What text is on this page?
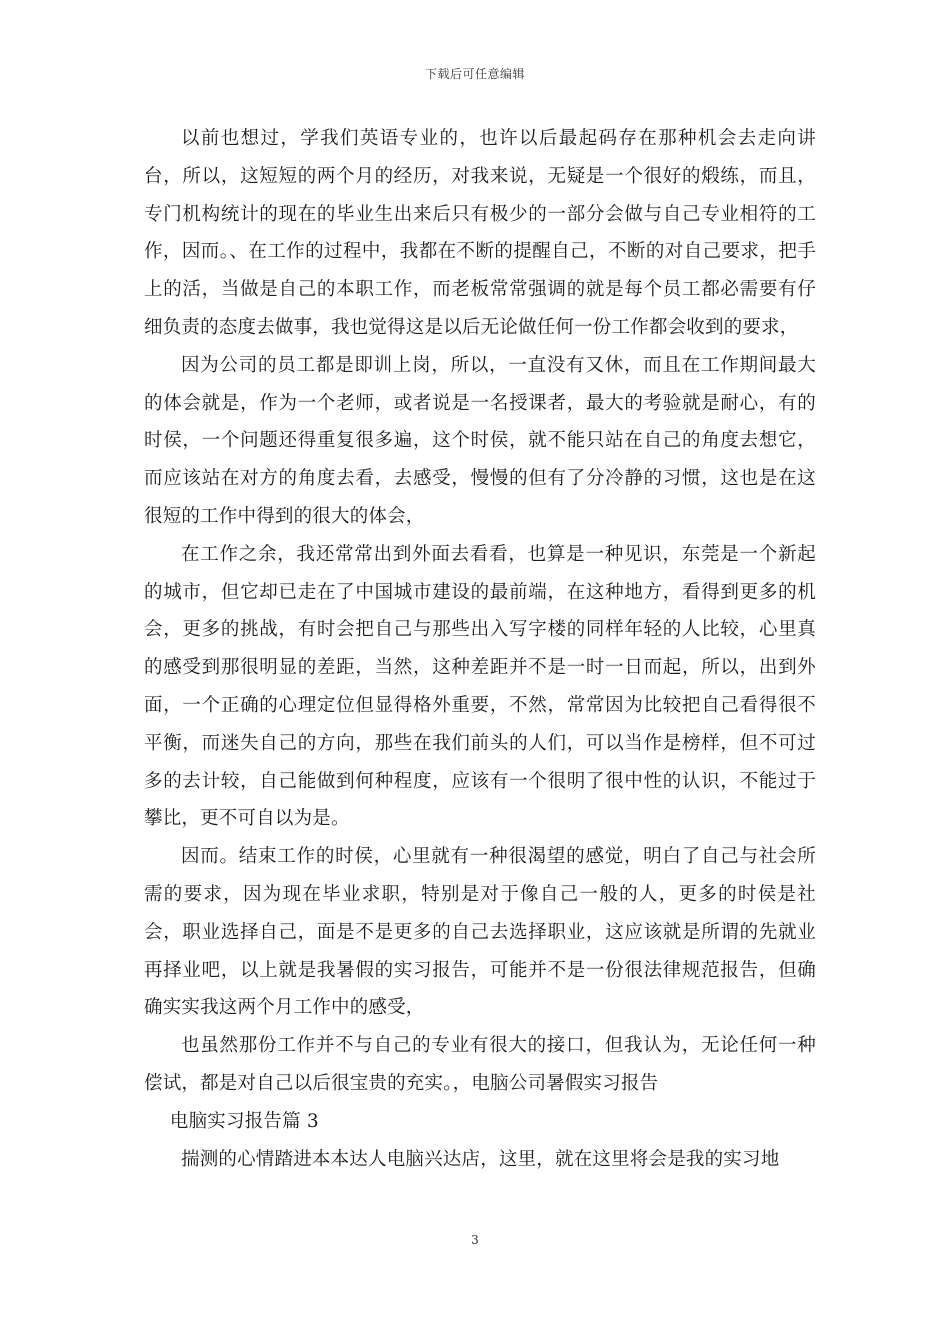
下载后可任意编辑

以前也想过，学我们英语专业的，也许以后最起码存在那种机会去走向讲台，所以，这短短的两个月的经历，对我来说，无疑是一个很好的煅练，而且，专门机构统计的现在的毕业生出来后只有极少的一部分会做与自己专业相符的工作，因而。、在工作的过程中，我都在不断的提醒自己，不断的对自己要求，把手上的活，当做是自己的本职工作，而老板常常强调的就是每个员工都必需要有仔细负责的态度去做事，我也觉得这是以后无论做任何一份工作都会收到的要求，

因为公司的员工都是即训上岗，所以，一直没有又休，而且在工作期间最大的体会就是，作为一个老师，或者说是一名授课者，最大的考验就是耐心，有的时侯，一个问题还得重复很多遍，这个时侯，就不能只站在自己的角度去想它，而应该站在对方的角度去看，去感受，慢慢的但有了分冷静的习惯，这也是在这很短的工作中得到的很大的体会，

在工作之余，我还常常出到外面去看看，也算是一种见识，东莞是一个新起的城市，但它却已走在了中国城市建设的最前端，在这种地方，看得到更多的机会，更多的挑战，有时会把自己与那些出入写字楼的同样年轻的人比较，心里真的感受到那很明显的差距，当然，这种差距并不是一时一日而起，所以，出到外面，一个正确的心理定位但显得格外重要，不然，常常因为比较把自己看得很不平衡，而迷失自己的方向，那些在我们前头的人们，可以当作是榜样，但不可过多的去计较，自己能做到何种程度，应该有一个很明了很中性的认识，不能过于攀比，更不可自以为是。

因而。结束工作的时侯，心里就有一种很渴望的感觉，明白了自己与社会所需的要求，因为现在毕业求职，特别是对于像自己一般的人，更多的时侯是社会，职业选择自己，面是不是更多的自己去选择职业，这应该就是所谓的先就业再择业吧，以上就是我暑假的实习报告，可能并不是一份很法律规范报告，但确确实实我这两个月工作中的感受，

也虽然那份工作并不与自己的专业有很大的接口，但我认为，无论任何一种偿试，都是对自己以后很宝贵的充实。，电脑公司暑假实习报告

电脑实习报告篇 3

揣测的心情踏进本本达人电脑兴达店，这里，就在这里将会是我的实习地

3
